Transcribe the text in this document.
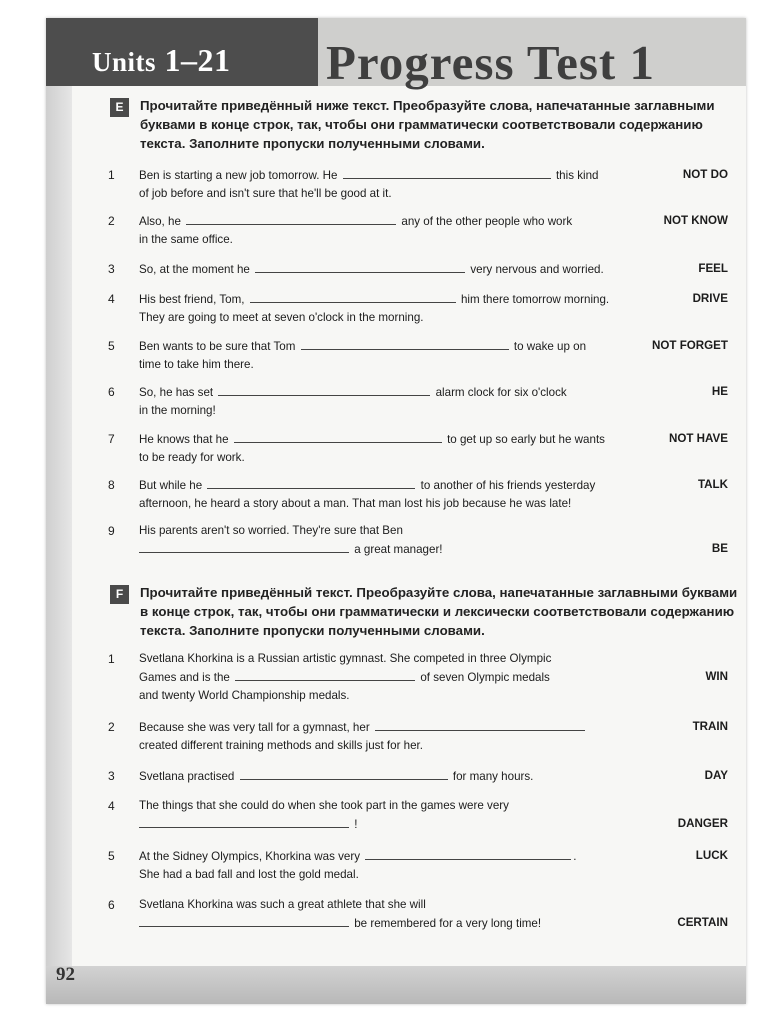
Units 1–21 Progress Test 1
E	Прочитайте приведённый ниже текст. Преобразуйте слова, напечатанные заглавными буквами в конце строк, так, чтобы они грамматически соответствовали содержанию текста. Заполните пропуски полученными словами.
1 Ben is starting a new job tomorrow. He	this kind
of job before and isn't sure that he'll be good at it.
NOT DO
2 Also, he	any of the other people who work
in the same office.
NOT KNOW
3 So, at the moment he	very nervous and worried.	FEEL
4 His best friend, Tom,	him there tomorrow morning.
They are going to meet at seven o'clock in the morning.
DRIVE
5 Ben wants to be sure that Tom	to wake up on
time to take him there.
NOT FORGET
6 So, he has set	alarm clock for six o'clock
in the morning!
HE
7 He knows that he	to get up so early but he wants
to be ready for work.
NOT HAVE
8 But while he	to another of his friends yesterday
afternoon, he heard a story about a man. That man lost his job because he was late!
TALK
9 His parents aren't so worried. They're sure that Ben
a great manager!	BE
F	Прочитайте приведённый текст. Преобразуйте слова, напечатанные заглавными буквами в конце строк, так, чтобы они грамматически и лексически соответствовали содержанию текста. Заполните пропуски полученными словами.
1 Svetlana Khorkina is a Russian artistic gymnast. She competed in three Olympic
Games and is the	of seven Olympic medals
and twenty World Championship medals.
WIN
2 Because she was very tall for a gymnast, her
created different training methods and skills just for her.
TRAIN
3 Svetlana practised	for many hours.	DAY
4 The things that she could do when she took part in the games were very
!	DANGER
5 At the Sidney Olympics, Khorkina was very	.
She had a bad fall and lost the gold medal.
LUCK
6 Svetlana Khorkina was such a great athlete that she will
be remembered for a very long time!	CERTAIN
92
